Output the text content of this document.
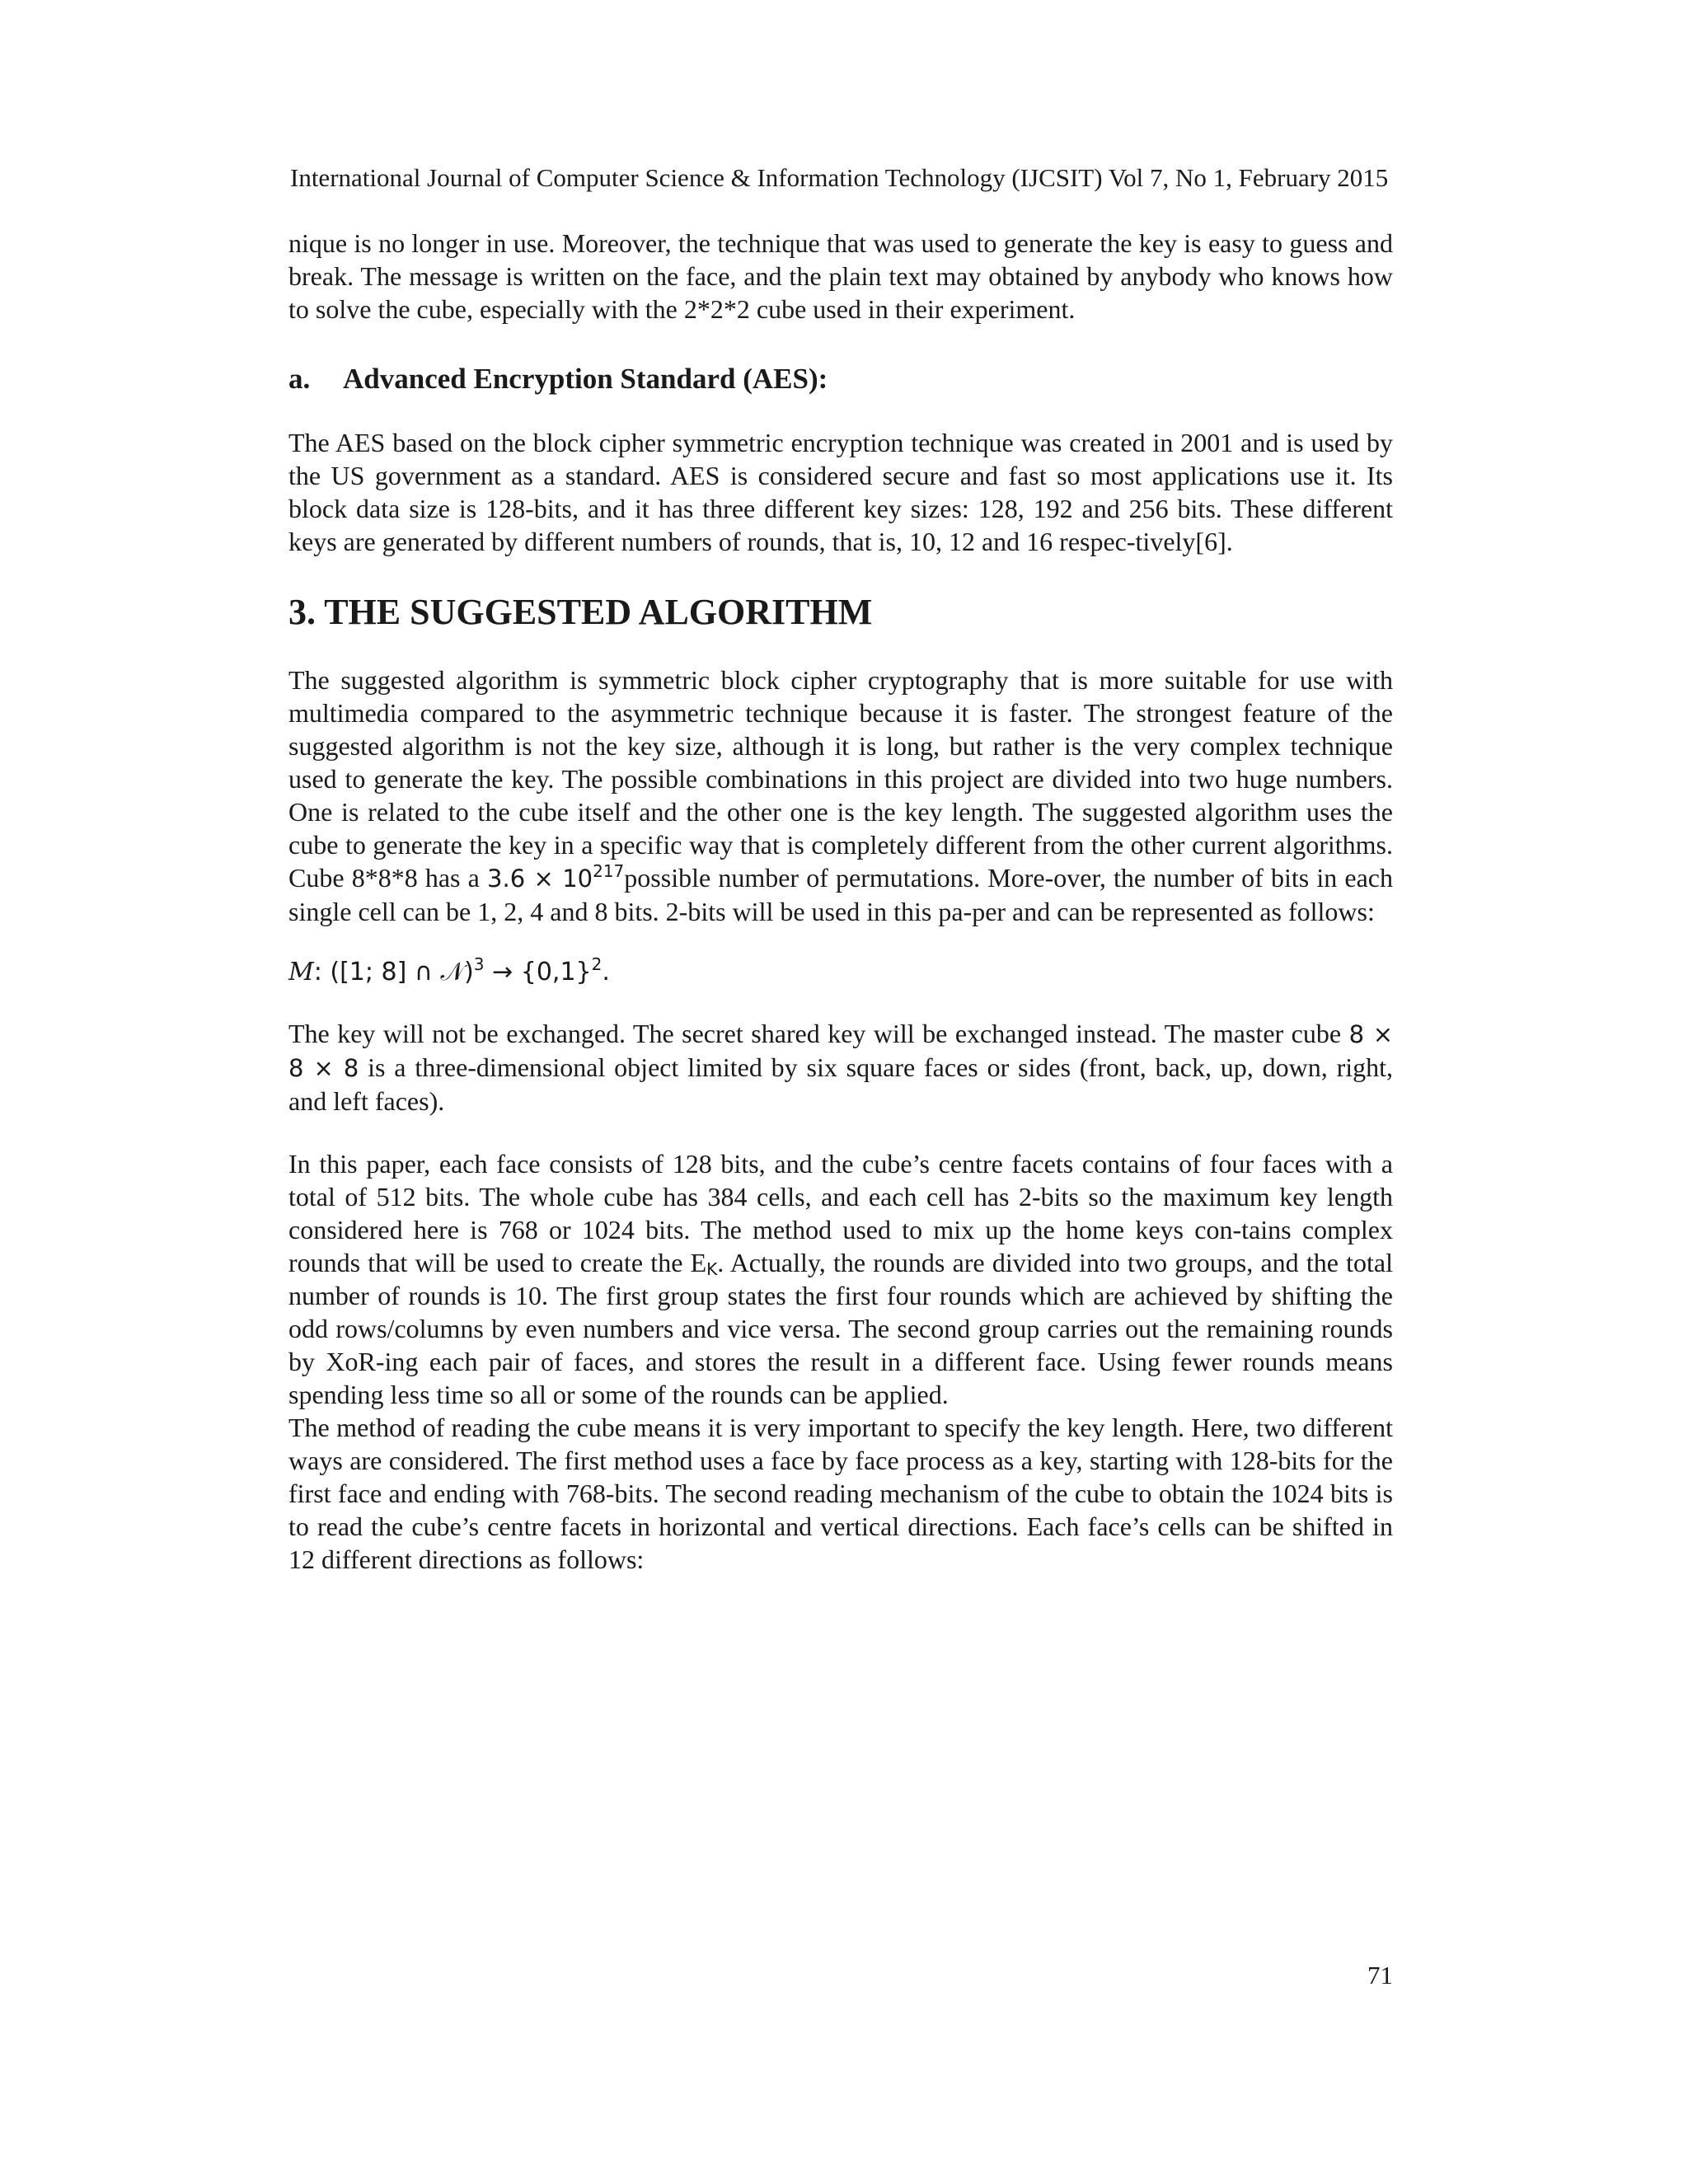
International Journal of Computer Science & Information Technology (IJCSIT) Vol 7, No 1, February 2015

nique is no longer in use. Moreover, the technique that was used to generate the key is easy to guess and break. The message is written on the face, and the plain text may obtained by anybody who knows how to solve the cube, especially with the 2*2*2 cube used in their experiment.

a.	Advanced Encryption Standard (AES):

The AES based on the block cipher symmetric encryption technique was created in 2001 and is used by the US government as a standard. AES is considered secure and fast so most applications use it. Its block data size is 128-bits, and it has three different key sizes: 128, 192 and 256 bits. These different keys are generated by different numbers of rounds, that is, 10, 12 and 16 respec-tively[6].

3. THE SUGGESTED ALGORITHM

The suggested algorithm is symmetric block cipher cryptography that is more suitable for use with multimedia compared to the asymmetric technique because it is faster. The strongest feature of the suggested algorithm is not the key size, although it is long, but rather is the very complex technique used to generate the key. The possible combinations in this project are divided into two huge numbers. One is related to the cube itself and the other one is the key length. The suggested algorithm uses the cube to generate the key in a specific way that is completely different from the other current algorithms. Cube 8*8*8 has a $3.6 \times 10^{217}possible$ number of permutations. More-over, the number of bits in each single cell can be 1, 2, 4 and 8 bits. 2-bits will be used in this pa-per and can be represented as follows:

M: ([1; 8] ∩ 𝒩)$^3$ → $\{0,1\}^2$.

The key will not be exchanged. The secret shared key will be exchanged instead. The master cube 8 × 8 × 8 is a three-dimensional object limited by six square faces or sides (front, back, up, down, right, and left faces).

In this paper, each face consists of 128 bits, and the cube’s centre facets contains of four faces with a total of 512 bits. The whole cube has 384 cells, and each cell has 2-bits so the maximum key length considered here is 768 or 1024 bits. The method used to mix up the home keys con-tains complex rounds that will be used to create the $E_K$. Actually, the rounds are divided into two groups, and the total number of rounds is 10. The first group states the first four rounds which are achieved by shifting the odd rows/columns by even numbers and vice versa. The second group carries out the remaining rounds by XoR-ing each pair of faces, and stores the result in a different face. Using fewer rounds means spending less time so all or some of the rounds can be applied.

The method of reading the cube means it is very important to specify the key length. Here, two different ways are considered. The first method uses a face by face process as a key, starting with 128-bits for the first face and ending with 768-bits. The second reading mechanism of the cube to obtain the 1024 bits is to read the cube’s centre facets in horizontal and vertical directions. Each face’s cells can be shifted in 12 different directions as follows:

71
